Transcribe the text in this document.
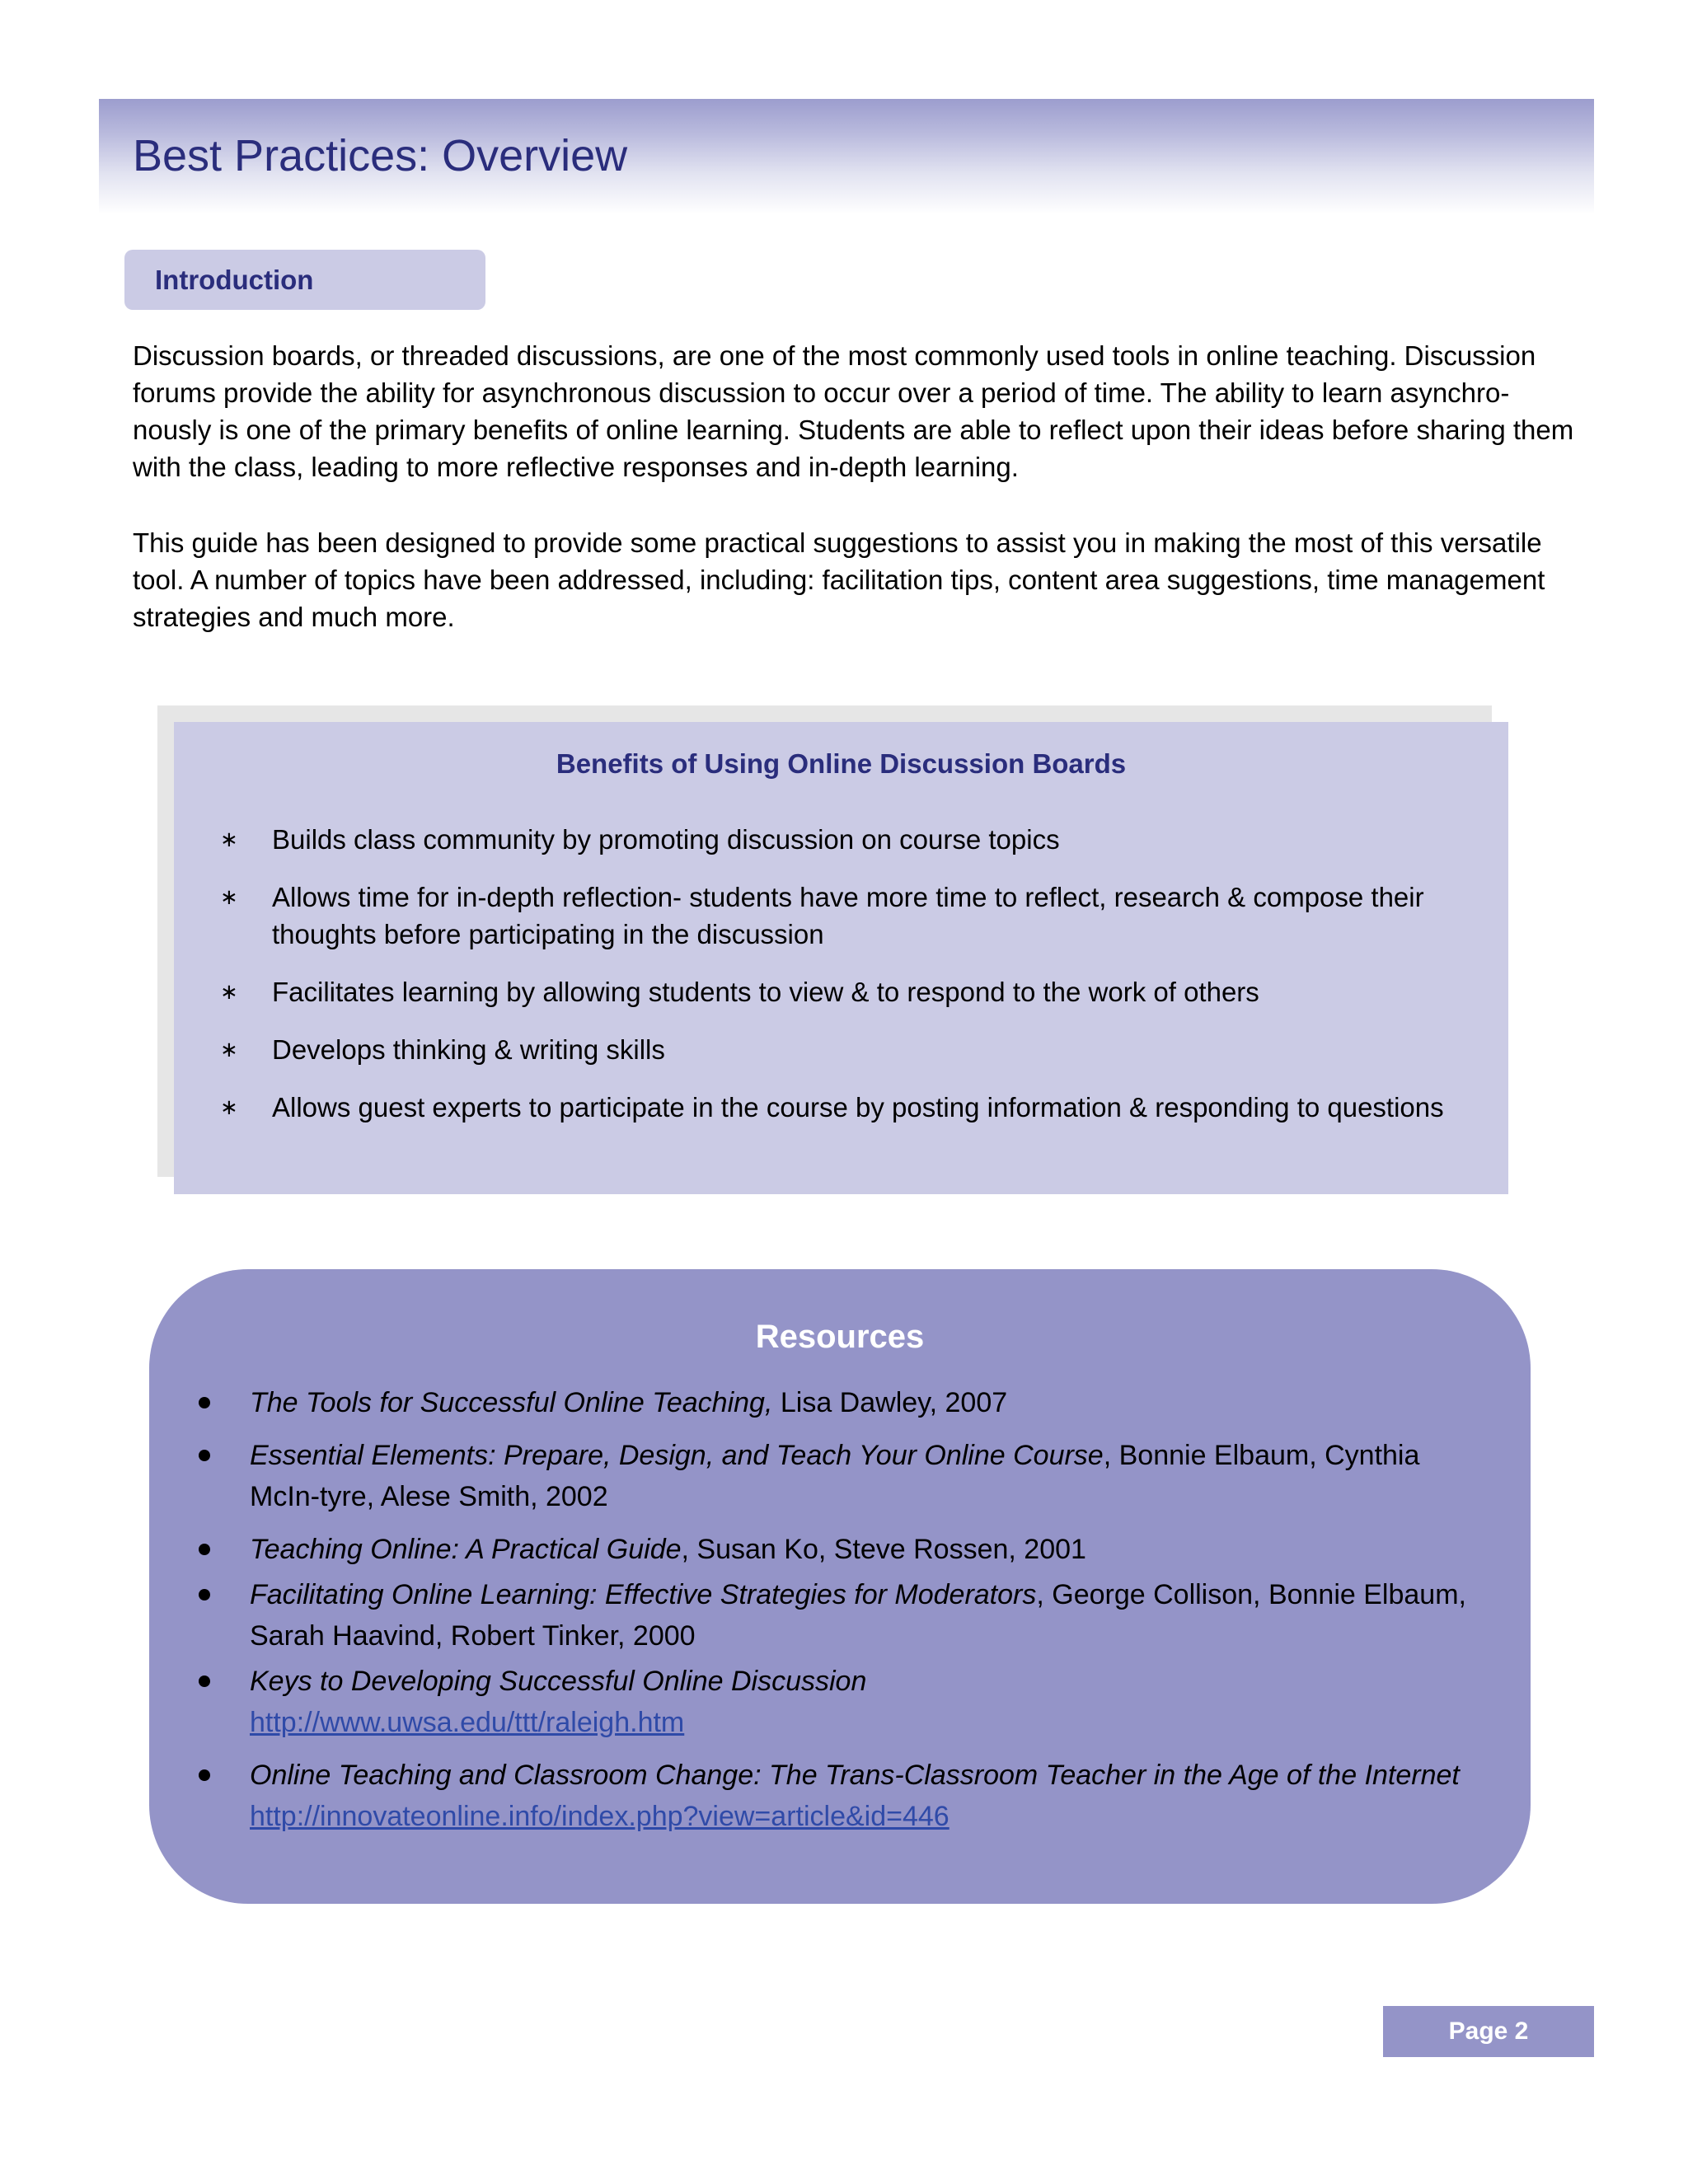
Best Practices: Overview
Introduction

Discussion boards, or threaded discussions, are one of the most commonly used tools in online teaching. Discussion forums provide the ability for asynchronous discussion to occur over a period of time. The ability to learn asynchro-nously is one of the primary benefits of online learning. Students are able to reflect upon their ideas before sharing them with the class, leading to more reflective responses and in-depth learning.

This guide has been designed to provide some practical suggestions to assist you in making the most of this versatile tool. A number of topics have been addressed, including: facilitation tips, content area suggestions, time management strategies and much more.

Benefits of Using Online Discussion Boards
∗ Builds class community by promoting discussion on course topics
∗ Allows time for in-depth reflection- students have more time to reflect, research & compose their thoughts before participating in the discussion
∗ Facilitates learning by allowing students to view & to respond to the work of others
∗ Develops thinking & writing skills
∗ Allows guest experts to participate in the course by posting information & responding to questions
Resources
The Tools for Successful Online Teaching, Lisa Dawley, 2007
Essential Elements: Prepare, Design, and Teach Your Online Course, Bonnie Elbaum, Cynthia McIn-tyre, Alese Smith, 2002
Teaching Online: A Practical Guide, Susan Ko, Steve Rossen, 2001
Facilitating Online Learning: Effective Strategies for Moderators, George Collison, Bonnie Elbaum, Sarah Haavind, Robert Tinker, 2000
Keys to Developing Successful Online Discussion
http://www.uwsa.edu/ttt/raleigh.htm
Online Teaching and Classroom Change: The Trans-Classroom Teacher in the Age of the Internet
http://innovateonline.info/index.php?view=article&id=446
Page 2
